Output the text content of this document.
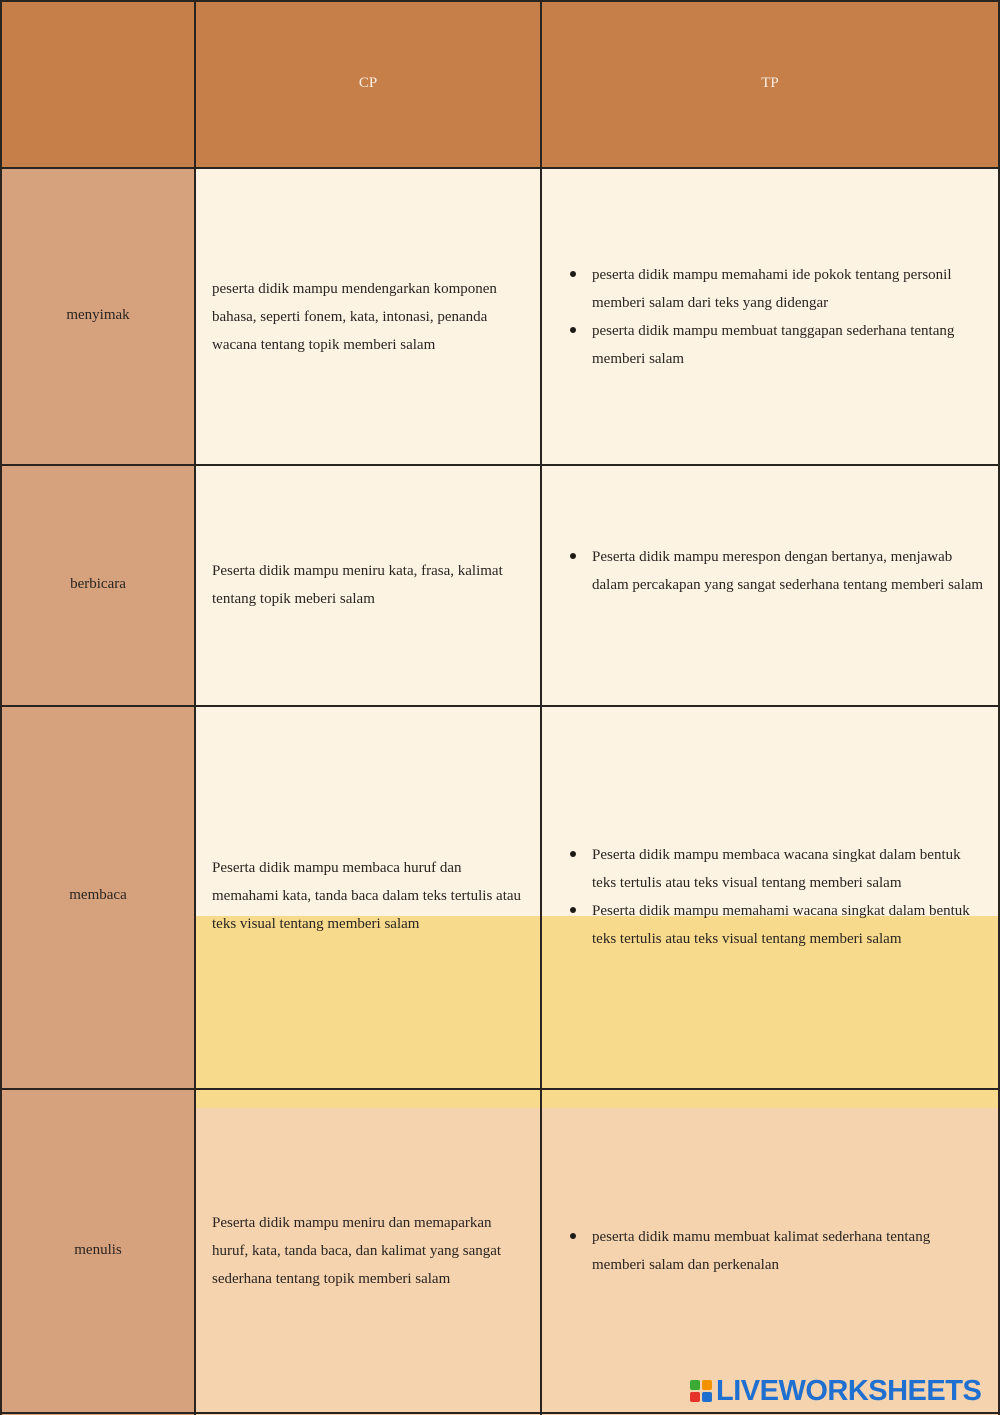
CP	TP
menyimak
peserta didik mampu mendengarkan komponen bahasa, seperti fonem, kata, intonasi, penanda wacana tentang topik memberi salam
peserta didik mampu memahami ide pokok tentang personil memberi salam dari teks yang didengar
peserta didik mampu membuat tanggapan sederhana tentang memberi salam
berbicara
Peserta didik mampu meniru kata, frasa, kalimat tentang topik meberi salam
Peserta didik mampu merespon dengan bertanya, menjawab dalam percakapan yang sangat sederhana tentang memberi salam
membaca
Peserta didik mampu membaca huruf dan memahami kata, tanda baca dalam teks tertulis atau teks visual tentang memberi salam
Peserta didik mampu membaca wacana singkat dalam bentuk teks tertulis atau teks visual tentang memberi salam
Peserta didik mampu memahami wacana singkat dalam bentuk teks tertulis atau teks visual tentang memberi salam
menulis
Peserta didik mampu meniru dan memaparkan huruf, kata, tanda baca, dan kalimat yang sangat sederhana tentang topik memberi salam
peserta didik mamu membuat kalimat sederhana tentang memberi salam dan perkenalan
LIVEWORKSHEETS
